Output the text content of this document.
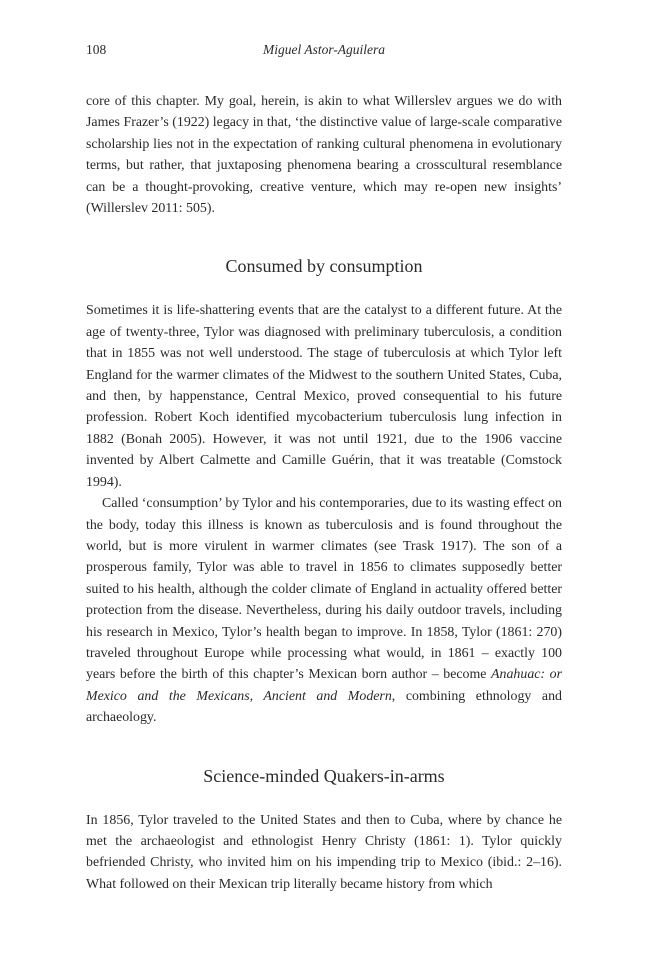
108	Miguel Astor-Aguilera

core of this chapter. My goal, herein, is akin to what Willerslev argues we do with James Frazer’s (1922) legacy in that, ‘the distinctive value of large-scale comparative scholarship lies not in the expectation of ranking cultural phenomena in evolutionary terms, but rather, that juxtaposing phenomena bearing a crosscultural resemblance can be a thought-provoking, creative venture, which may re-open new insights’ (Willerslev 2011: 505).

Consumed by consumption

Sometimes it is life-shattering events that are the catalyst to a different future. At the age of twenty-three, Tylor was diagnosed with preliminary tuberculosis, a condition that in 1855 was not well understood. The stage of tuberculosis at which Tylor left England for the warmer climates of the Midwest to the southern United States, Cuba, and then, by happenstance, Central Mexico, proved consequential to his future profession. Robert Koch identified mycobacterium tuberculosis lung infection in 1882 (Bonah 2005). However, it was not until 1921, due to the 1906 vaccine invented by Albert Calmette and Camille Guérin, that it was treatable (Comstock 1994).

Called ‘consumption’ by Tylor and his contemporaries, due to its wasting effect on the body, today this illness is known as tuberculosis and is found throughout the world, but is more virulent in warmer climates (see Trask 1917). The son of a prosperous family, Tylor was able to travel in 1856 to climates supposedly better suited to his health, although the colder climate of England in actuality offered better protection from the disease. Nevertheless, during his daily outdoor travels, including his research in Mexico, Tylor’s health began to improve. In 1858, Tylor (1861: 270) traveled throughout Europe while processing what would, in 1861 – exactly 100 years before the birth of this chapter’s Mexican born author – become Anahuac: or Mexico and the Mexicans, Ancient and Modern, combining ethnology and archaeology.

Science-minded Quakers-in-arms

In 1856, Tylor traveled to the United States and then to Cuba, where by chance he met the archaeologist and ethnologist Henry Christy (1861: 1). Tylor quickly befriended Christy, who invited him on his impending trip to Mexico (ibid.: 2–16). What followed on their Mexican trip literally became history from which
